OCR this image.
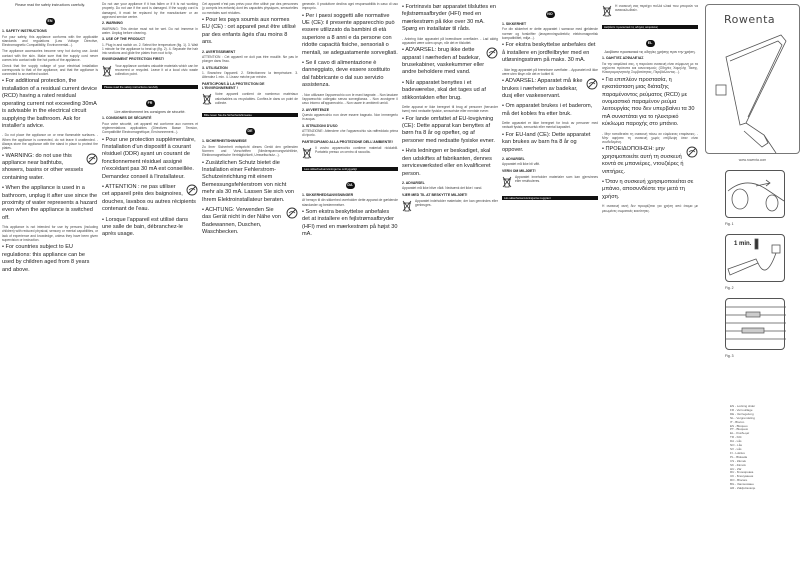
Please read the safety instructions carefully.
EN
1. SAFETY INSTRUCTIONS
For your safety, this appliance conforms with the applicable standards and regulations (Low Voltage Directive, Electromagnetic Compatibility, Environmental...).
The appliance accessories become very hot during use. Avoid contact with the skin. Make sure that the supply cord never comes into contact with the hot parts of the appliance.
Check that the supply voltage of your electrical installation corresponds to that of the appliance, and that the appliance is connected to an earthed socket.
• For additional protection, the installation of a residual current device (RCD) having a rated residual operating current not exceeding 30mA is advisable in the electrical circuit supplying the bathroom. Ask for installer's advice.
- Do not place the appliance on or near flammable surfaces. - When the appliance is connected, do not leave it unattended. - Always store the appliance with the stand in place to protect the plates.
• WARNING: do not use this appliance near bathtubs, showers, basins or other vessels containing water.
• When the appliance is used in a bathroom, unplug it after use since the proximity of water represents a hazard even when the appliance is switched off.
This appliance is not intended for use by persons (including children) with reduced physical, sensory or mental capabilities, or lack of experience and knowledge, unless they have been given supervision or instruction.
• For countries subject to EU regulations: this appliance can be used by children aged from 8 years and above.
Do not use your appliance if it has fallen or if it is not working properly. Do not use if the cord is damaged. If the supply cord is damaged, it must be replaced by the manufacturer or an approved service centre.
2. WARNING
WARNING: This device must not be wet. Do not immerse in water. Unplug before cleaning.
3. USE OF THE PRODUCT
1. Plug in and switch on. 2. Select the temperature (fig. 1). 3. Wait 1 minute for the appliance to heat up (fig. 2). 4. Separate the hair into sections and glide the plates from root to tip.
ENVIRONMENT PROTECTION FIRST!
Your appliance contains valuable materials which can be recovered or recycled. Leave it at a local civic waste collection point.
Please read the safety instructions carefully
FR
Lire attentivement les consignes de sécurité.
1. CONSIGNES DE SÉCURITÉ
Pour votre sécurité, cet appareil est conforme aux normes et réglementations applicables (Directives Basse Tension, Compatibilité Electromagnétique, Environnement...).
• Pour une protection supplémentaire, l'installation d'un dispositif à courant résiduel (DDR) ayant un courant de fonctionnement résiduel assigné n'excédant pas 30 mA est conseillée. Demandez conseil à l'installateur.
• ATTENTION : ne pas utiliser cet appareil près des baignoires, douches, lavabos ou autres récipients contenant de l'eau.
• Lorsque l'appareil est utilisé dans une salle de bain, débranchez-le après usage.
Cet appareil n'est pas prévu pour être utilisé par des personnes (y compris les enfants) dont les capacités physiques, sensorielles ou mentales sont réduites.
• Pour les pays soumis aux normes EU (CE) : cet appareil peut être utilisé par des enfants âgés d'au moins 8 ans.
2. AVERTISSEMENT
ATTENTION : Cet appareil ne doit pas être mouillé. Ne pas le plonger dans l'eau.
3. UTILISATION
1. Branchez l'appareil. 2. Sélectionnez la température. 3. Attendez 1 min. 4. Lissez mèche par mèche.
PARTICIPONS À LA PROTECTION DE L'ENVIRONNEMENT !
Votre appareil contient de nombreux matériaux valorisables ou recyclables. Confiez-le dans un point de collecte.
Bitte lesen Sie die Sicherheitshinweise
DE
1. SICHERHEITSHINWEISE
Zu Ihrer Sicherheit entspricht dieses Gerät den geltenden Normen und Vorschriften (Niederspannungsrichtlinie, Elektromagnetische Verträglichkeit, Umweltschutz...).
• Zusätzlichen Schutz bietet die Installation einer Fehlerstrom-Schutzeinrichtung mit einem Bemessungsfehlerstrom von nicht mehr als 30 mA. Lassen Sie sich von Ihrem Elektroinstallateur beraten.
• ACHTUNG: Verwenden Sie das Gerät nicht in der Nähe von Badewannen, Duschen, Waschbecken.
generale. Il produttore declina ogni responsabilità in caso di uso improprio.
• Per i paesi soggetti alle normative UE (CE): il presente apparecchio può essere utilizzato da bambini di età superiore a 8 anni e da persone con ridotte capacità fisiche, sensoriali o mentali, se adeguatamente sorvegliati.
• Se il cavo di alimentazione è danneggiato, deve essere sostituito dal fabbricante o dal suo servizio assistenza.
- Non utilizzare l'apparecchio con le mani bagnate. - Non lasciare l'apparecchio collegato senza sorveglianza. - Non avvolgere il cavo intorno all'apparecchio. - Non usare in ambienti umidi.
2. AVVERTENZE
Questo apparecchio non deve essere bagnato. Non immergerlo in acqua.
3. ISTRUZIONI D'USO
ATTENZIONE: Attendere che l'apparecchio sia raffreddato prima di riporlo.
PARTECIPIAMO ALLA PROTEZIONE DELL'AMBIENTE!
Il vostro apparecchio contiene materiali riciclabili. Portatelo presso un centro di raccolta.
Læs sikkerhedsanvisningerne omhyggeligt
DA
1. SIKKERHEDSANVISNINGER
Af hensyn til din sikkerhed overholder dette apparat de gældende standarder og bestemmelser.
• Som ekstra beskyttelse anbefales det at installere en fejlstrømsafbryder (HFI) med en mærkestrøm på højst 30 mA.
• Fortrinsvis bør apparatet tilsluttes en fejlstrømsafbryder (HFI) med en mærkestrøm på ikke over 30 mA. Spørg en installatør til råds.
- Anbring ikke apparatet på brændbare overflader. - Lad aldrig apparatet være uden opsyn, når det er tilsluttet.
• ADVARSEL: brug ikke dette apparat i nærheden af badekar, brusekabiner, vaskekummer eller andre beholdere med vand.
• Når apparatet benyttes i et badeværelse, skal det tages ud af stikkontakten efter brug.
Dette apparat er ikke beregnet til brug af personer (herunder børn) med nedsatte fysiske, sensoriske eller mentale evner.
• For lande omfattet af EU-lovgivning (CE): Dette apparat kan benyttes af børn fra 8 år og opefter, og af personer med nedsatte fysiske evner.
• Hvis ledningen er beskadiget, skal den udskiftes af fabrikanten, dennes serviceværksted eller en kvalificeret person.
2. ADVARSEL
Apparatet må ikke blive vådt. Nedsænk det ikke i vand.
VÆR MED TIL AT BESKYTTE MILJØET!
Apparatet indeholder materialer, der kan genvindes eller genbruges.
NO
1. SIKKERHET
For din sikkerhet er dette apparatet i samsvar med gjeldende normer og forskrifter (lavspenningsdirektiv, elektromagnetisk kompatibilitet, miljø...).
• For ekstra beskyttelse anbefales det å installere en jordfeilbryter med en utløsningsstrøm på maks. 30 mA.
- Ikke legg apparatet på brennbare overflater. - Apparatet må ikke være uten tilsyn når det er koblet til.
• ADVARSEL: Apparatet må ikke brukes i nærheten av badekar, dusj eller vaskeservant.
• Om apparatet brukes i et baderom, må det kobles fra etter bruk.
Dette apparatet er ikke beregnet for bruk av personer med nedsatt fysisk, sensorisk eller mental kapasitet.
• For EU-land (CE): Dette apparatet kan brukes av barn fra 8 år og oppover.
2. ADVARSEL
Apparatet må ikke bli vått.
VERN OM MILJØET!
Apparatet inneholder materialer som kan gjenvinnes eller resirkuleres.
Läs säkerhetsanvisningarna noggrant
Η συσκευή σας περιέχει πολλά υλικά που μπορούν να ανακυκλωθούν.
Διαβάστε προσεκτικά τις οδηγίες ασφαλείας
EL
Διαβάστε προσεκτικά τις οδηγίες χρήσης πριν την χρήση.
1. ΟΔΗΓΊΕΣ ΑΣΦΑΛΕΊΑΣ
Για την ασφάλειά σας, η παρούσα συσκευή είναι σύμφωνη με τα ισχύοντα πρότυπα και κανονισμούς (Οδηγίες Χαμηλής Τάσης, Ηλεκτρομαγνητικής Συμβατότητας, Περιβάλλοντος...).
• Για επιπλέον προστασία, η εγκατάσταση μιας διάταξης παραμένοντος ρεύματος (RCD) με ονομαστικό παραμένον ρεύμα λειτουργίας που δεν υπερβαίνει τα 30 mA συνιστάται για το ηλεκτρικό κύκλωμα παροχής στο μπάνιο.
- Μην τοποθετείτε τη συσκευή πάνω σε εύφλεκτες επιφάνειες. - Μην αφήνετε τη συσκευή χωρίς επίβλεψη όταν είναι συνδεδεμένη.
• ΠΡΟΕΙΔΟΠΟΙΗΣΗ: μην χρησιμοποιείτε αυτή τη συσκευή κοντά σε μπανιέρες, ντουζιέρες ή νιπτήρες.
• Όταν η συσκευή χρησιμοποιείται σε μπάνιο, αποσυνδέστε την μετά τη χρήση.
Η συσκευή αυτή δεν προορίζεται για χρήση από άτομα με μειωμένες σωματικές ικανότητες.
Rowenta
www.rowenta.com
Fig. 1
1 min.
Fig. 2
Fig. 3
EN - Locking slider
FR - Verrouillage
DE - Verriegelung
NL - Vergrendeling
IT - Blocco
ES - Bloqueo
PT - Bloqueio
EL - Κλείδωμα
TR - Kilit
DA - Lås
NO - Lås
SV - Lås
FI - Lukitus
PL - Blokada
CS - Zámek
SK - Zámok
HU - Zár
RU - Блокировка
UK - Блокування
RO - Blocare
BG - Заключване
HR - Zaključavanje
